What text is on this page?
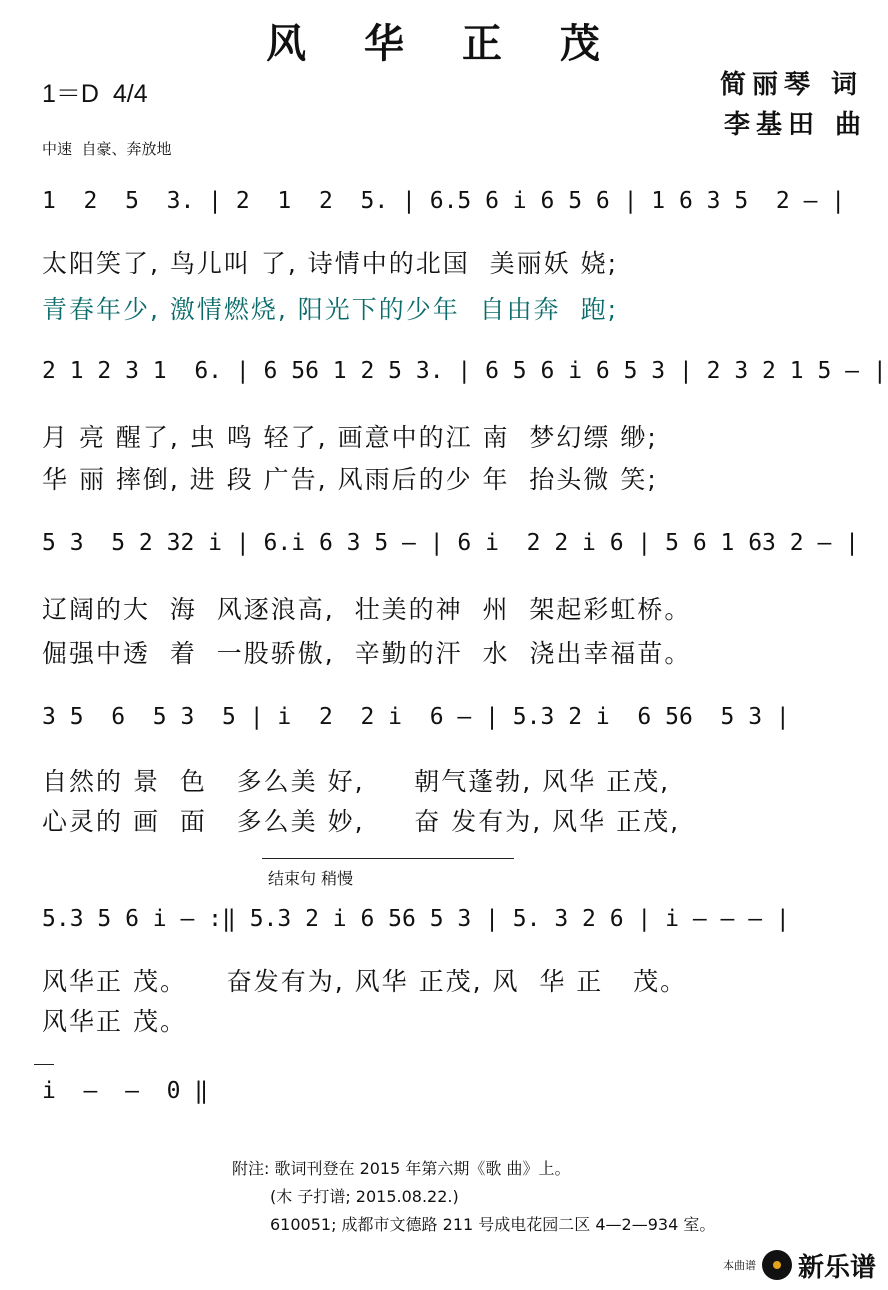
风 华 正 茂
1＝D  4/4	简丽琴 词
李基田 曲
中速  自豪、奔放地
1  2  5  3. | 2  1  2  5. | 6.5 6 i 6 5 6 | 1 6 3 5  2 – |
太阳笑了, 鸟儿叫 了, 诗情中的北国  美丽妖 娆;
青春年少, 激情燃烧, 阳光下的少年  自由奔  跑;
2 1 2 3 1  6. | 6 56 1 2 5 3. | 6 5 6 i 6 5 3 | 2 3 2 1 5 – |
月 亮 醒了, 虫 鸣 轻了, 画意中的江 南  梦幻缥 缈;
华 丽 摔倒, 进 段 广告, 风雨后的少 年  抬头微 笑;
5 3  5 2 32 i | 6.i 6 3 5 – | 6 i  2 2 i 6 | 5 6 1 63 2 – |
辽阔的大  海  风逐浪高,  壮美的神  州  架起彩虹桥。
倔强中透  着  一股骄傲,  辛勤的汗  水  浇出幸福苗。
3 5  6  5 3  5 | i  2  2 i  6 – | 5.3 2 i  6 56  5 3 |
自然的 景  色   多么美 好,     朝气蓬勃, 风华 正茂,
心灵的 画  面   多么美 妙,     奋 发有为, 风华 正茂,
结束句 稍慢
5.3 5 6 i – :‖ 5.3 2 i 6 56 5 3 | 5. 3 2 6 | i – – – |
风华正 茂。    奋发有为, 风华 正茂, 风  华 正   茂。
风华正 茂。
i  –  –  0 ‖
附注: 歌词刊登在 2015 年第六期《歌 曲》上。
(木 子打谱; 2015.08.22.)
610051; 成都市文德路 211 号成电花园二区 4—2—934 室。
本曲谱 新乐谱
